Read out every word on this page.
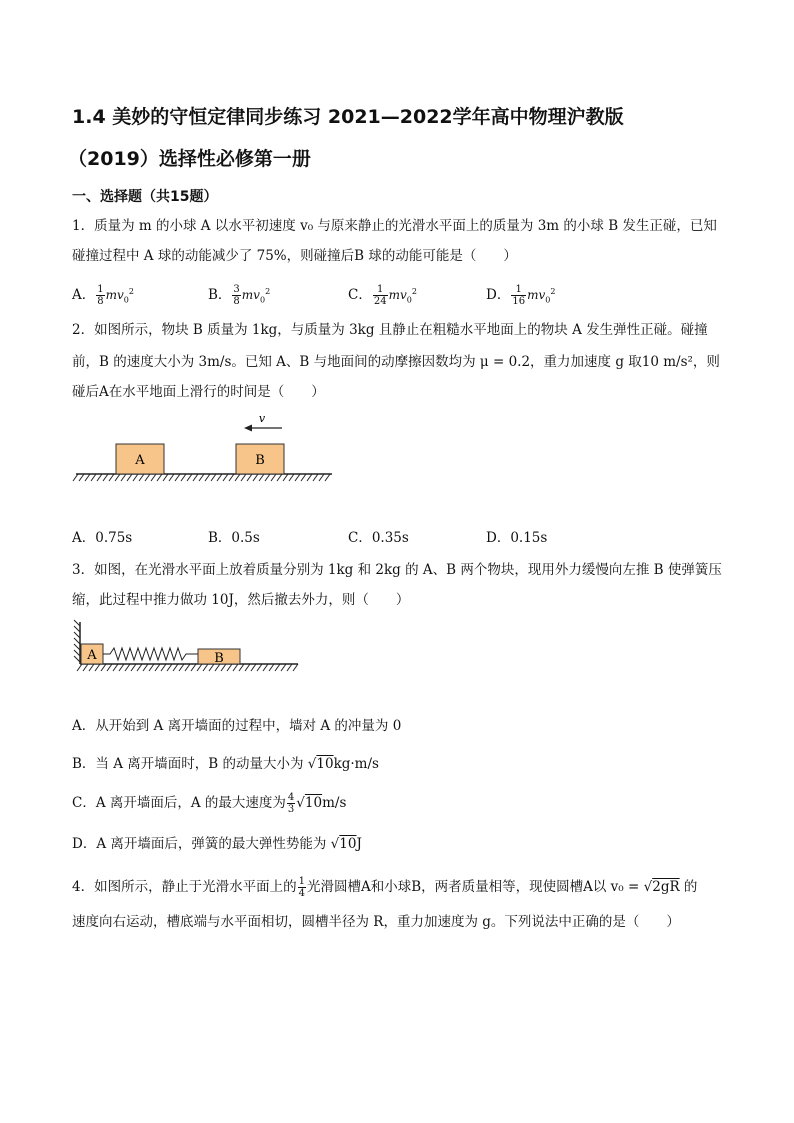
1.4 美妙的守恒定律同步练习 2021—2022学年高中物理沪教版
（2019）选择性必修第一册
一、选择题（共15题）
1．质量为 m 的小球 A 以水平初速度 v₀ 与原来静止的光滑水平面上的质量为 3m 的小球 B 发生正碰，已知
碰撞过程中 A 球的动能减少了 75%，则碰撞后B 球的动能可能是（　　）
A． $\frac{1}{8} mv_0^2$	B． $\frac{3}{8} mv_0^2$	C． $\frac{1}{24} mv_0^2$	D． $\frac{1}{16} mv_0^2$
2．如图所示，物块 B 质量为 1kg，与质量为 3kg 且静止在粗糙水平地面上的物块 A 发生弹性正碰。碰撞
前，B 的速度大小为 3m/s。已知 A、B 与地面间的动摩擦因数均为 μ = 0.2，重力加速度 g 取10 m/s²，则
碰后A在水平地面上滑行的时间是（　　）
A	B
v
A．0.75s	B．0.5s	C．0.35s	D．0.15s
3．如图，在光滑水平面上放着质量分别为 1kg 和 2kg 的 A、B 两个物块，现用外力缓慢向左推 B 使弹簧压
缩，此过程中推力做功 10J，然后撤去外力，则（　　）
A	B
A．从开始到 A 离开墙面的过程中，墙对 A 的冲量为 0
B．当 A 离开墙面时，B 的动量大小为 √10kg·m/s
C．A 离开墙面后，A 的最大速度为 $\frac{4}{3} √10m/s$
D．A 离开墙面后，弹簧的最大弹性势能为 √10J
4．如图所示，静止于光滑水平面上的 $\frac{1}{4}$ 光滑圆槽A和小球B，两者质量相等，现使圆槽A以 v₀ = √2gR 的
速度向右运动，槽底端与水平面相切，圆槽半径为 R，重力加速度为 g。下列说法中正确的是（　　）
